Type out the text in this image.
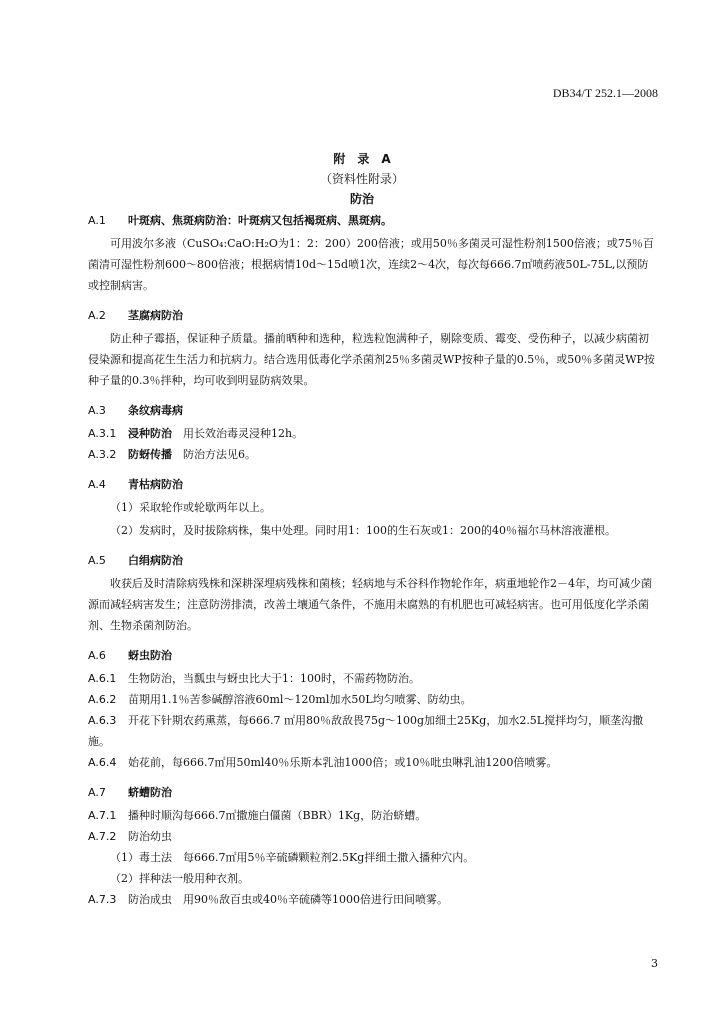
DB34/T 252.1—2008
附　录　A
（资料性附录）
防治
A.1 叶斑病、焦斑病防治：叶斑病又包括褐斑病、黑斑病。
可用波尔多液（CuSO₄:CaO:H₂O为1：2：200）200倍液；或用50％多菌灵可湿性粉剂1500倍液；或75％百菌清可湿性粉剂600～800倍液；根据病情10d～15d喷1次，连续2～4次，每次每666.7㎡喷药液50L-75L,以预防或控制病害。
A.2 茎腐病防治
防止种子霉捂，保证种子质量。播前晒种和选种，粒选粒饱满种子，剔除变质、霉变、受伤种子，以减少病菌初侵染源和提高花生生活力和抗病力。结合选用低毒化学杀菌剂25％多菌灵WP按种子量的0.5％，或50％多菌灵WP按种子量的0.3％拌种，均可收到明显防病效果。
A.3 条纹病毒病
A.3.1 浸种防治　用长效治毒灵浸种12h。
A.3.2 防蚜传播　防治方法见6。
A.4 青枯病防治
（1）采取轮作或轮歇两年以上。
（2）发病时，及时拔除病株，集中处理。同时用1：100的生石灰或1：200的40％福尔马林溶液灌根。
A.5 白绢病防治
收获后及时清除病残株和深耕深埋病残株和菌核；轻病地与禾谷科作物轮作年，病重地轮作2－4年，均可减少菌源而减轻病害发生；注意防涝排渍，改善土壤通气条件，不施用未腐熟的有机肥也可减轻病害。也可用低度化学杀菌剂、生物杀菌剂防治。
A.6 蚜虫防治
A.6.1 生物防治，当瓢虫与蚜虫比大于1：100时，不需药物防治。
A.6.2 苗期用1.1％苦参碱醇溶液60ml～120ml加水50L均匀喷雾、防幼虫。
A.6.3 开花下针期农药熏蒸，每666.7 ㎡用80％敌敌畏75g～100g加细土25Kg，加水2.5L搅拌均匀，顺垄沟撒施。
A.6.4 始花前，每666.7㎡用50ml40％乐斯本乳油1000倍；或10％吡虫啉乳油1200倍喷雾。
A.7 蛴螬防治
A.7.1 播种时顺沟每666.7㎡撒施白僵菌（BBR）1Kg，防治蛴螬。
A.7.2 防治幼虫
（1）毒土法　每666.7㎡用5％辛硫磷颗粒剂2.5Kg拌细土撒入播种穴内。
（2）拌种法一般用种衣剂。
A.7.3 防治成虫　用90％敌百虫或40％辛硫磷等1000倍进行田间喷雾。
3
